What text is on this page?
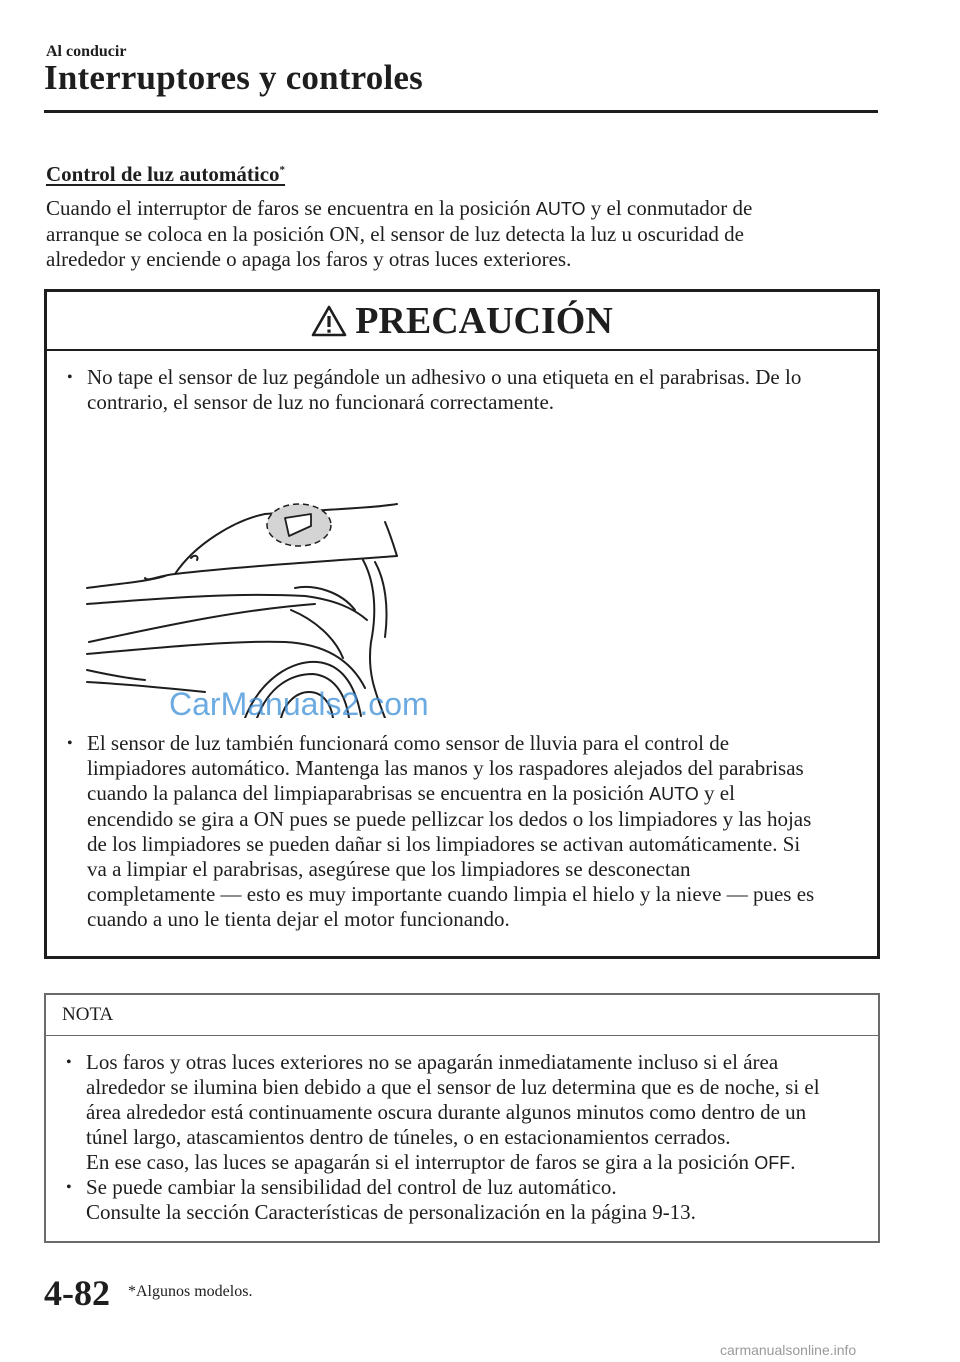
Al conducir
Interruptores y controles
Control de luz automático*

Cuando el interruptor de faros se encuentra en la posición AUTO y el conmutador de

arranque se coloca en la posición ON, el sensor de luz detecta la luz u oscuridad de

alrededor y enciende o apaga los faros y otras luces exteriores.

PRECAUCIÓN
• No tape el sensor de luz pegándole un adhesivo o una etiqueta en el parabrisas. De lo

contrario, el sensor de luz no funcionará correctamente.

CarManuals2.com
• El sensor de luz también funcionará como sensor de lluvia para el control de

limpiadores automático. Mantenga las manos y los raspadores alejados del parabrisas

cuando la palanca del limpiaparabrisas se encuentra en la posición AUTO y el

encendido se gira a ON pues se puede pellizcar los dedos o los limpiadores y las hojas

de los limpiadores se pueden dañar si los limpiadores se activan automáticamente. Si

va a limpiar el parabrisas, asegúrese que los limpiadores se desconectan

completamente — esto es muy importante cuando limpia el hielo y la nieve — pues es

cuando a uno le tienta dejar el motor funcionando.

NOTA
• Los faros y otras luces exteriores no se apagarán inmediatamente incluso si el área

alrededor se ilumina bien debido a que el sensor de luz determina que es de noche, si el

área alrededor está continuamente oscura durante algunos minutos como dentro de un

túnel largo, atascamientos dentro de túneles, o en estacionamientos cerrados.

En ese caso, las luces se apagarán si el interruptor de faros se gira a la posición OFF.

• Se puede cambiar la sensibilidad del control de luz automático.

Consulte la sección Características de personalización en la página 9-13.

4-82 *Algunos modelos.
carmanualsonline.info
